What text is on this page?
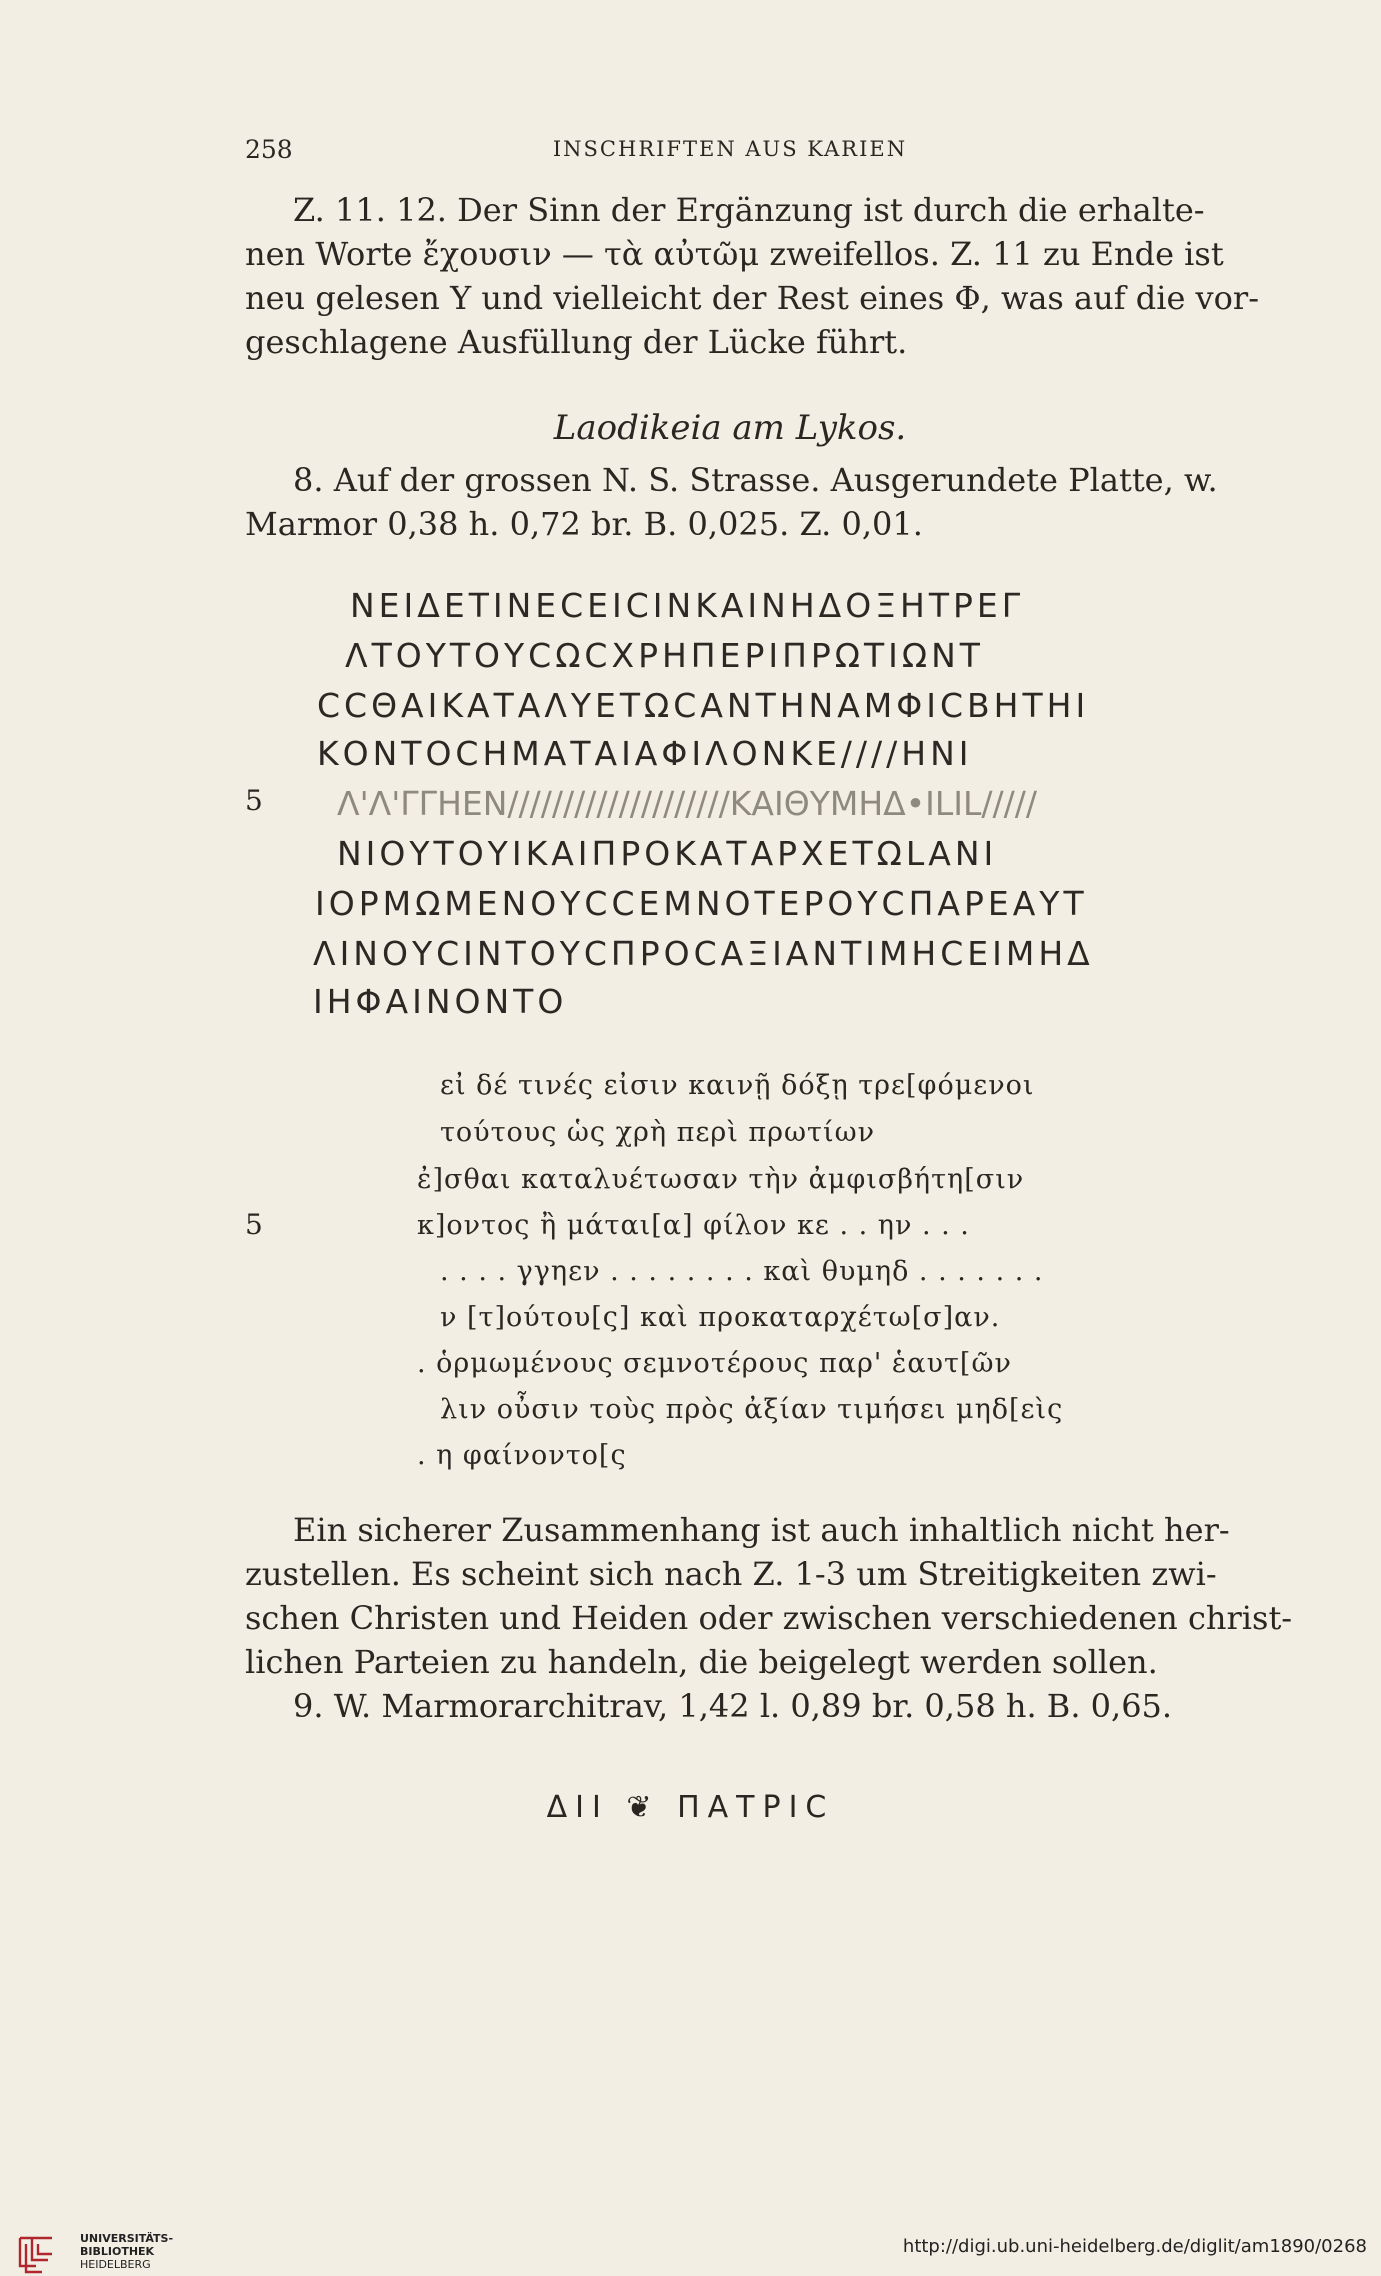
258	INSCHRIFTEN AUS KARIEN
Z. 11. 12. Der Sinn der Ergänzung ist durch die erhalte-
nen Worte ἔχουσιν — τὰ αὐτῶμ zweifellos. Z. 11 zu Ende ist
neu gelesen Υ und vielleicht der Rest eines Φ, was auf die vor-
geschlagene Ausfüllung der Lücke führt.
Laodikeia am Lykos.
8. Auf der grossen N. S. Strasse. Ausgerundete Platte, w.
Marmor 0,38 h. 0,72 br. B. 0,025. Z. 0,01.
5
ΝΕΙΔΕΤΙΝΕCΕΙCΙΝΚΑΙΝΗΔΟΞΗΤΡΕΓ
ΛΤΟΥΤΟΥCΩCΧΡΗΠΕΡΙΠΡΩΤΙΩΝΤ
CCΘΑΙΚΑΤΑΛΥΕΤΩCΑΝΤΗΝΑΜΦΙCΒΗΤΗΙ
ΚΟΝΤΟCΗΜΑΤΑΙΑΦΙΛΟΝΚΕ////ΗΝΙ
Λ'Λ'ΓΓΗΕΝ////////////////////ΚΑΙΘΥΜΗΔ•ΙLΙL/////
ΝΙΟΥΤΟΥΙΚΑΙΠΡΟΚΑΤΑΡΧΕΤΩLΑΝΙ
ΙΟΡΜΩΜΕΝΟΥCCΕΜΝΟΤΕΡΟΥCΠΑΡΕΑΥΤ
ΛΙΝΟΥCΙΝΤΟΥCΠΡΟCΑΞΙΑΝΤΙΜΗCΕΙΜΗΔ
ΙΗΦΑΙΝΟΝΤΟ
5
εἰ δέ τινές εἰσιν καινῇ δόξῃ τρε[φόμενοι
τούτους ὡς χρὴ περὶ πρωτίων
ἐ]σθαι καταλυέτωσαν τὴν ἀμφισβήτη[σιν
κ]οντος ἢ μάται[α] φίλον κε . . ην . . .
. . . . γγηεν . . . . . . . . καὶ θυμηδ . . . . . . .
ν [τ]ούτου[ς] καὶ προκαταρχέτω[σ]αν.
. ὁρμωμένους σεμνοτέρους παρ' ἑαυτ[ῶν
λιν οὖσιν τοὺς πρὸς ἀξίαν τιμήσει μηδ[εὶς
. η φαίνοντο[ς
Ein sicherer Zusammenhang ist auch inhaltlich nicht her-
zustellen. Es scheint sich nach Z. 1-3 um Streitigkeiten zwi-
schen Christen und Heiden oder zwischen verschiedenen christ-
lichen Parteien zu handeln, die beigelegt werden sollen.
9. W. Marmorarchitrav, 1,42 l. 0,89 br. 0,58 h. B. 0,65.
ΔΙΙ ❦ ΠΑΤΡΙC
UNIVERSITÄTS-
BIBLIOTHEK
HEIDELBERG
http://digi.ub.uni-heidelberg.de/diglit/am1890/0268
